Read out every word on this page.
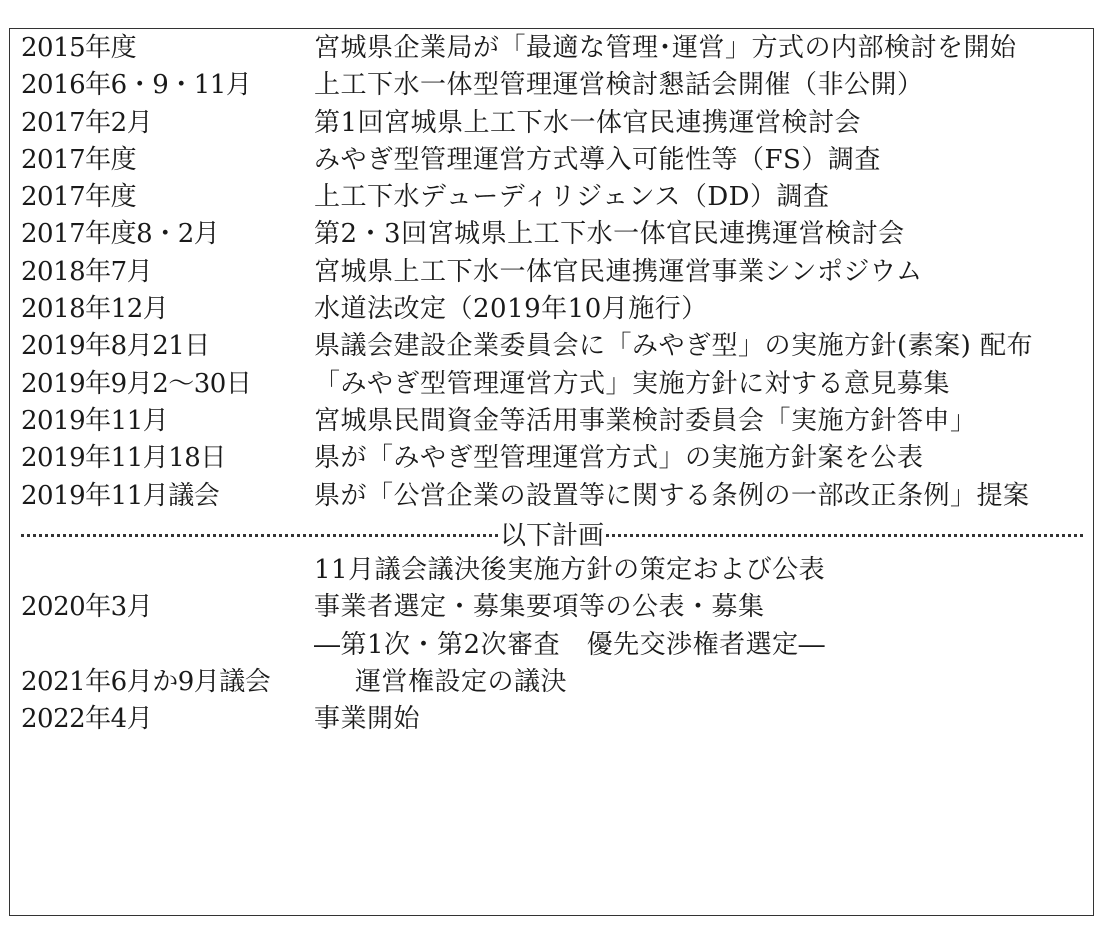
2015年度	宮城県企業局が「最適な管理･運営」方式の内部検討を開始
2016年6・9・11月 上工下水一体型管理運営検討懇話会開催（非公開）
2017年2月	第1回宮城県上工下水一体官民連携運営検討会
2017年度	みやぎ型管理運営方式導入可能性等（FS）調査
2017年度	上工下水デューディリジェンス（DD）調査
2017年度8・2月	第2・3回宮城県上工下水一体官民連携運営検討会
2018年7月	宮城県上工下水一体官民連携運営事業シンポジウム
2018年12月	水道法改定（2019年10月施行）
2019年8月21日	県議会建設企業委員会に「みやぎ型」の実施方針(素案) 配布
2019年9月2〜30日 「みやぎ型管理運営方式」実施方針に対する意見募集
2019年11月	宮城県民間資金等活用事業検討委員会「実施方針答申」
2019年11月18日	県が「みやぎ型管理運営方式」の実施方針案を公表
2019年11月議会	県が「公営企業の設置等に関する条例の一部改正条例」提案
以下計画
11月議会議決後実施方針の策定および公表
2020年3月	事業者選定・募集要項等の公表・募集
―第1次・第2次審査　優先交渉権者選定―
2021年6月か9月議会	運営権設定の議決
2022年4月	事業開始
